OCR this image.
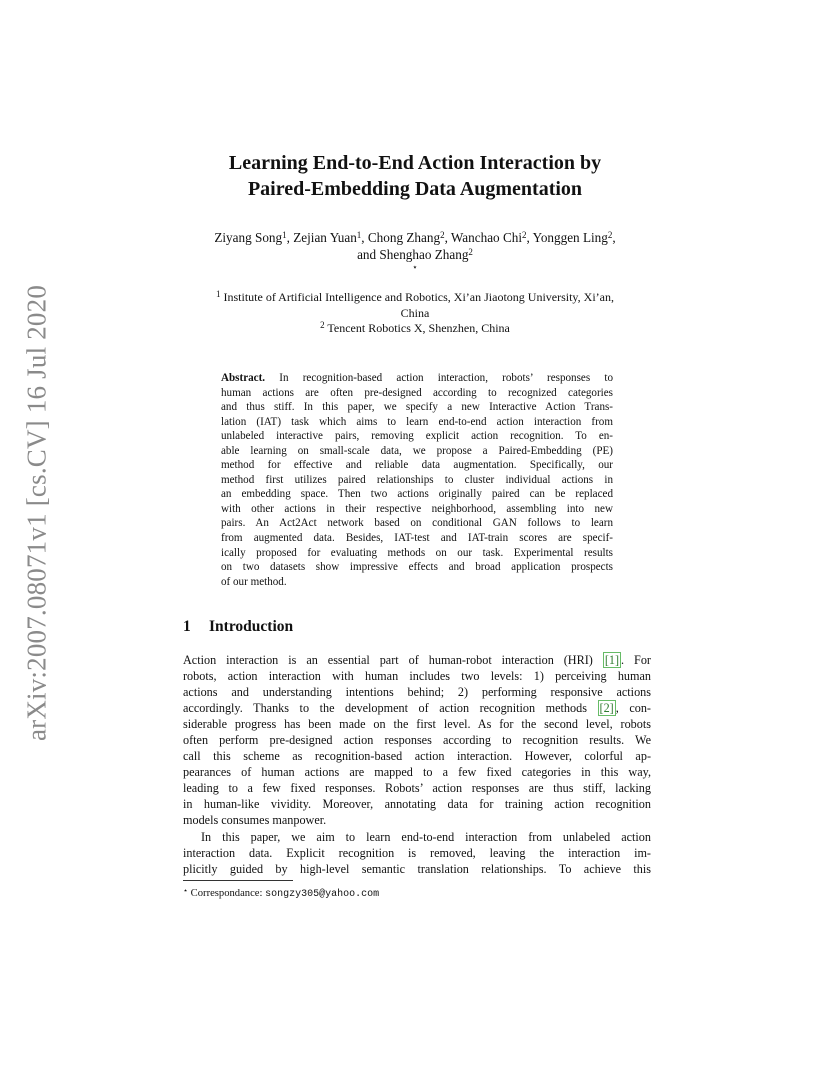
arXiv:2007.08071v1 [cs.CV] 16 Jul 2020
Learning End-to-End Action Interaction by
Paired-Embedding Data Augmentation
Ziyang Song$^1$, Zejian Yuan$^1$, Chong Zhang$^2$, Wanchao Chi$^2$, Yonggen Ling$^2$,
and Shenghao Zhang$^2$
⋆
$^1$ Institute of Artificial Intelligence and Robotics, Xi’an Jiaotong University, Xi’an,
China
$^2$ Tencent Robotics X, Shenzhen, China
Abstract. In recognition-based action interaction, robots’ responses to
human actions are often pre-designed according to recognized categories
and thus stiff. In this paper, we specify a new Interactive Action Trans-
lation (IAT) task which aims to learn end-to-end action interaction from
unlabeled interactive pairs, removing explicit action recognition. To en-
able learning on small-scale data, we propose a Paired-Embedding (PE)
method for effective and reliable data augmentation. Specifically, our
method first utilizes paired relationships to cluster individual actions in
an embedding space. Then two actions originally paired can be replaced
with other actions in their respective neighborhood, assembling into new
pairs. An Act2Act network based on conditional GAN follows to learn
from augmented data. Besides, IAT-test and IAT-train scores are specif-
ically proposed for evaluating methods on our task. Experimental results
on two datasets show impressive effects and broad application prospects
of our method.
1 Introduction
Action interaction is an essential part of human-robot interaction (HRI) [1] . For
robots, action interaction with human includes two levels: 1) perceiving human
actions and understanding intentions behind; 2) performing responsive actions
accordingly. Thanks to the development of action recognition methods [2] , con-
siderable progress has been made on the first level. As for the second level, robots
often perform pre-designed action responses according to recognition results. We
call this scheme as recognition-based action interaction. However, colorful ap-
pearances of human actions are mapped to a few fixed categories in this way,
leading to a few fixed responses. Robots’ action responses are thus stiff, lacking
in human-like vividity. Moreover, annotating data for training action recognition
models consumes manpower.
In this paper, we aim to learn end-to-end interaction from unlabeled action
interaction data. Explicit recognition is removed, leaving the interaction im-
plicitly guided by high-level semantic translation relationships. To achieve this
⋆ Correspondance: songzy305@yahoo.com
